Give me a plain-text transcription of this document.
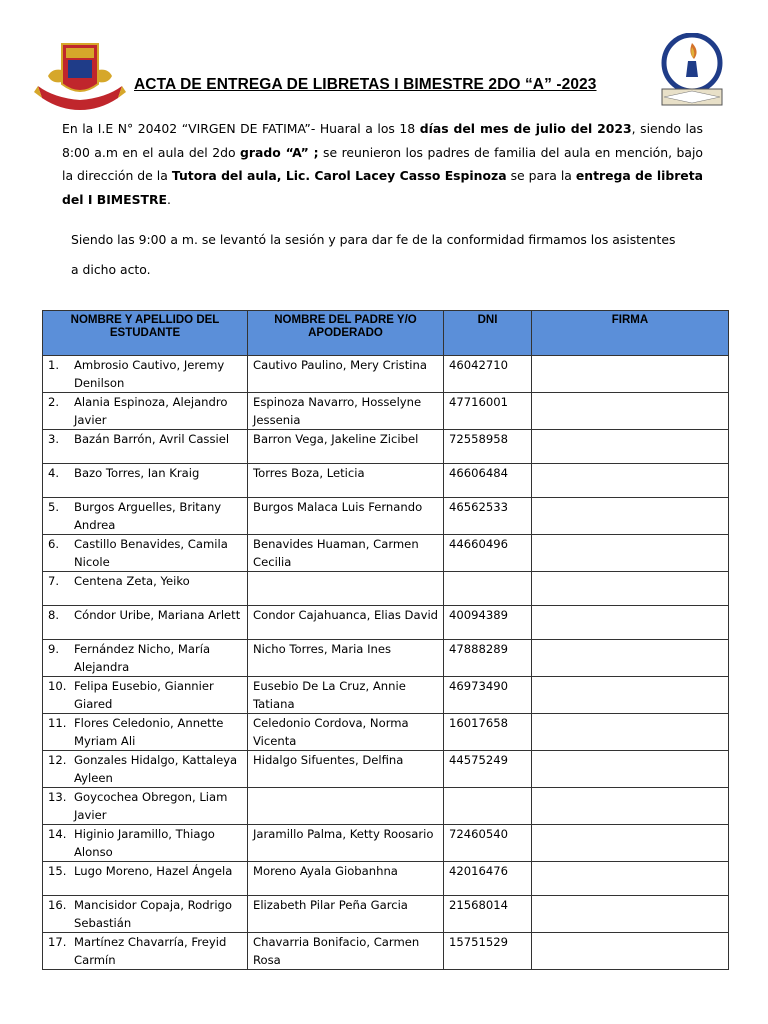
ACTA DE ENTREGA DE LIBRETAS I BIMESTRE 2DO “A” -2023
En la I.E N° 20402 “VIRGEN DE FATIMA”- Huaral a los 18 días del mes de julio del 2023, siendo las 8:00 a.m en el aula del 2do grado “A” ; se reunieron los padres de familia del aula en mención, bajo la dirección de la Tutora del aula, Lic. Carol Lacey Casso Espinoza se para la entrega de libreta del I BIMESTRE.
Siendo las 9:00 a m. se levantó la sesión y para dar fe de la conformidad firmamos los asistentes
a dicho acto.
NOMBRE Y APELLIDO DEL ESTUDANTE	NOMBRE DEL PADRE Y/O APODERADO	DNI	FIRMA

1. Ambrosio Cautivo, Jeremy Denilson	Cautivo Paulino, Mery Cristina	46042710	

2. Alania Espinoza, Alejandro Javier	Espinoza Navarro, Hosselyne Jessenia	47716001	

3. Bazán Barrón, Avril Cassiel	Barron Vega, Jakeline Zicibel	72558958	

4. Bazo Torres, Ian Kraig	Torres Boza, Leticia	46606484	

5. Burgos Arguelles, Britany Andrea	Burgos Malaca Luis Fernando	46562533	

6. Castillo Benavides, Camila Nicole	Benavides Huaman, Carmen Cecilia	44660496	

7. Centena Zeta, Yeiko			

8. Cóndor Uribe, Mariana Arlett	Condor Cajahuanca, Elias David	40094389	

9. Fernández Nicho, María Alejandra	Nicho Torres, Maria Ines	47888289	

10. Felipa Eusebio, Giannier Giared	Eusebio De La Cruz, Annie Tatiana	46973490	

11. Flores Celedonio, Annette Myriam Ali	Celedonio Cordova, Norma Vicenta	16017658	

12. Gonzales Hidalgo, Kattaleya Ayleen	Hidalgo Sifuentes, Delfina	44575249	

13. Goycochea Obregon, Liam Javier			

14. Higinio Jaramillo, Thiago Alonso	Jaramillo Palma, Ketty Roosario	72460540	

15. Lugo Moreno, Hazel Ángela	Moreno Ayala Giobanhna	42016476	

16. Mancisidor Copaja, Rodrigo Sebastián	Elizabeth Pilar Peña Garcia	21568014	

17. Martínez Chavarría, Freyid Carmín	Chavarria Bonifacio, Carmen Rosa	15751529	
